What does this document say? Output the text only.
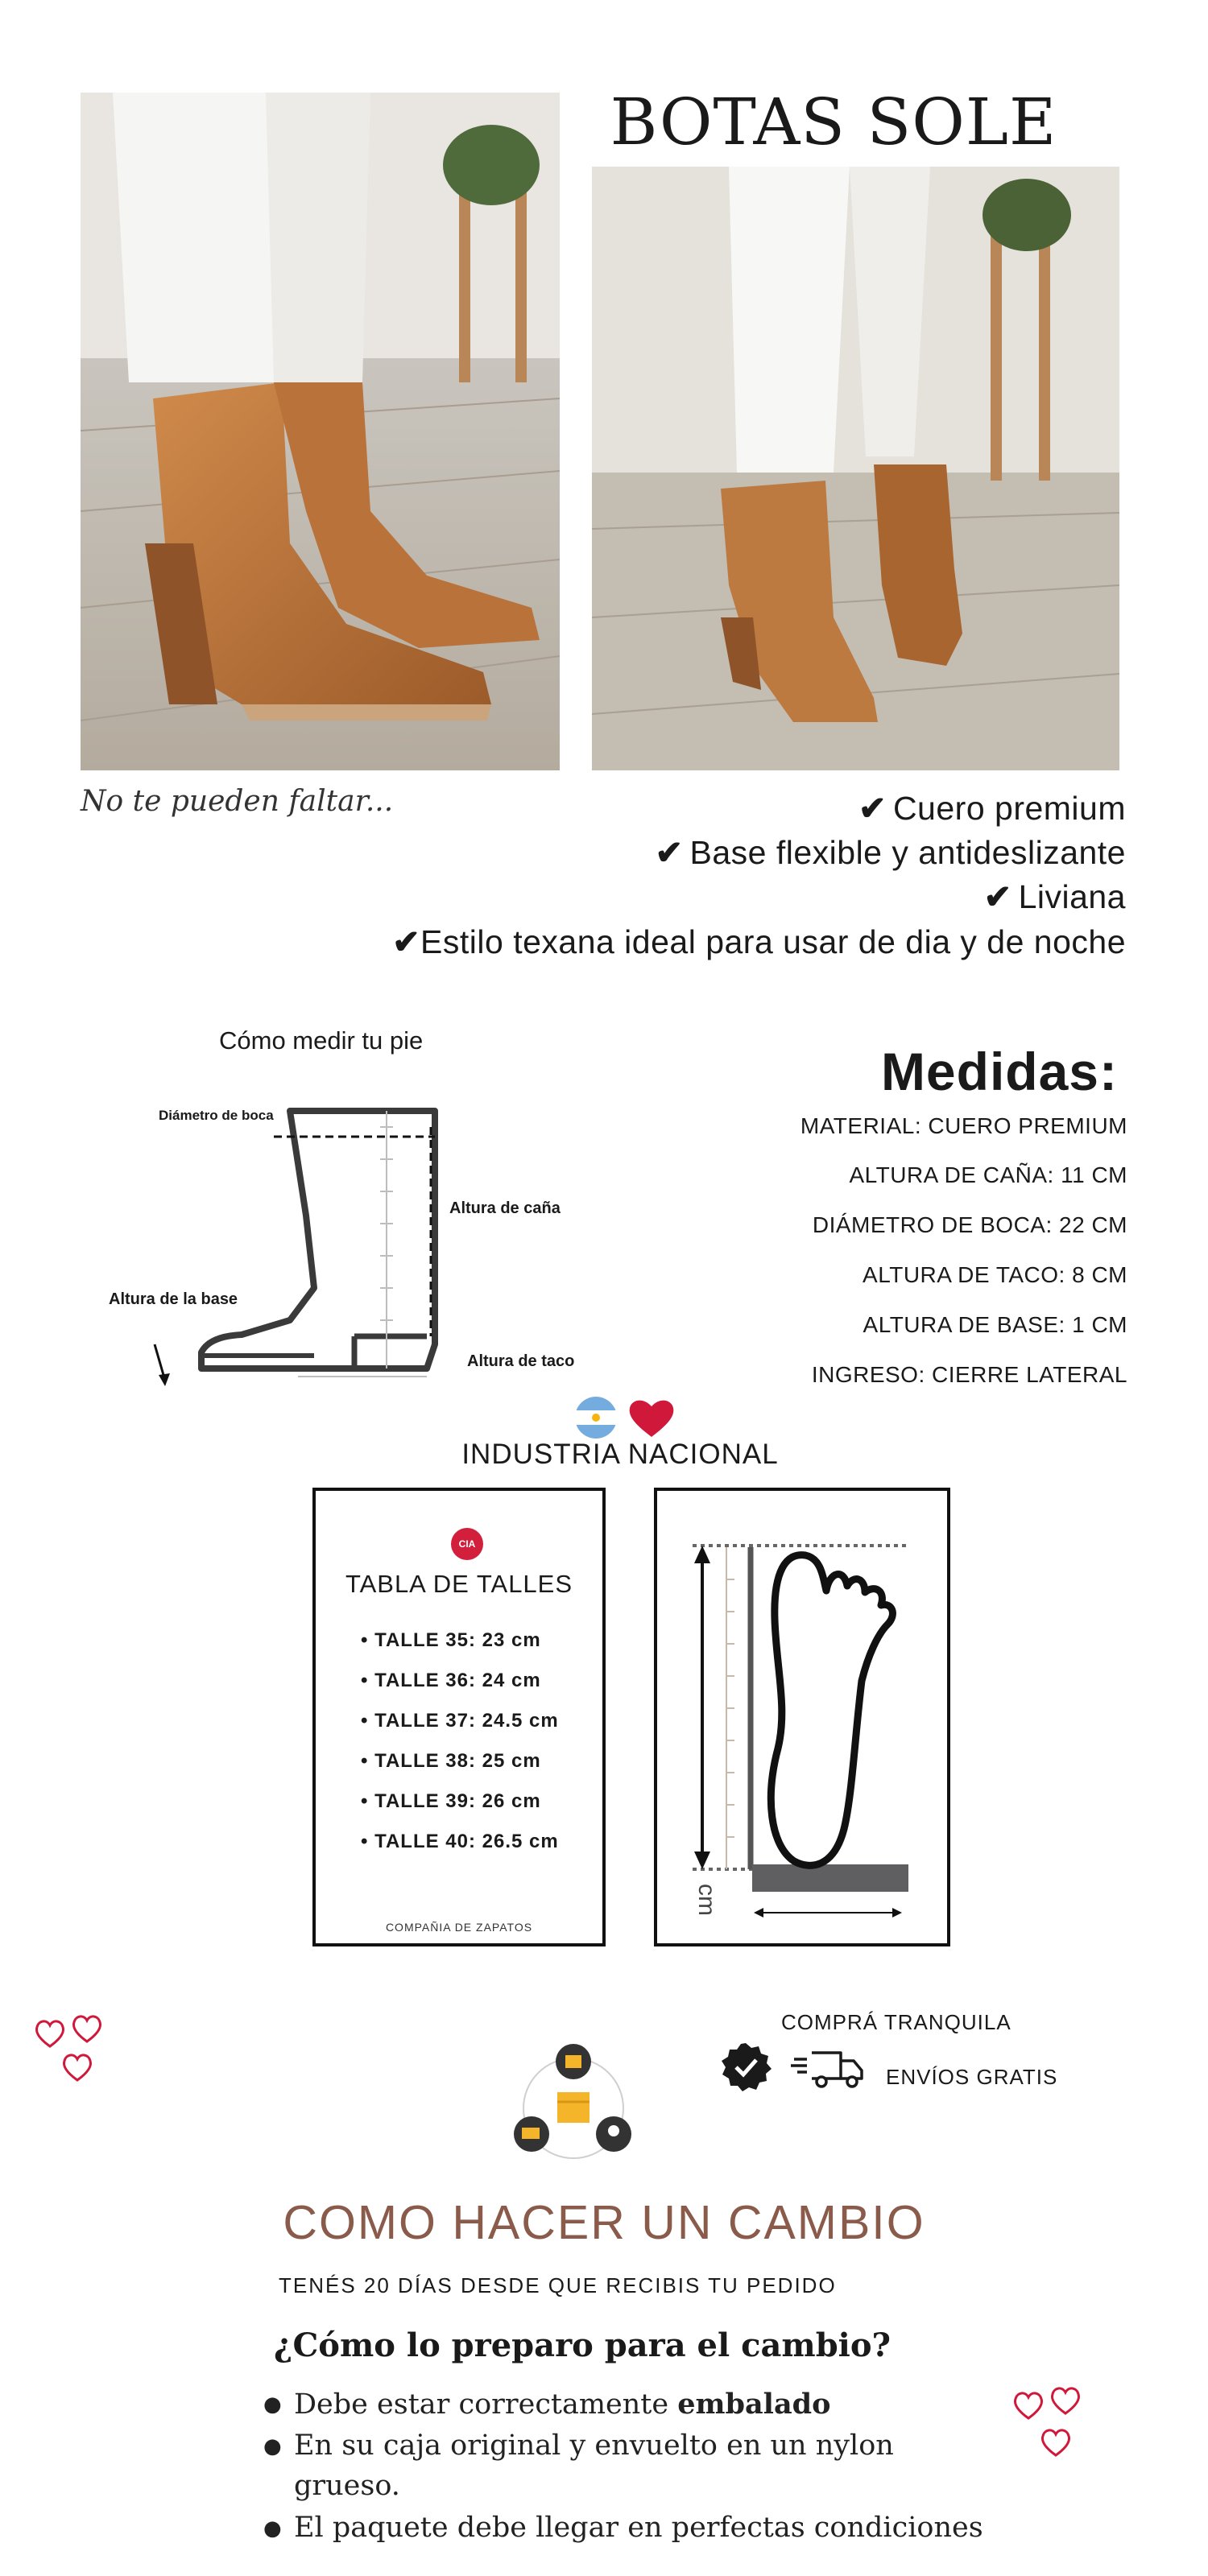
BOTAS SOLE
No te pueden faltar...	✔ Cuero premium
✔ Base flexible y antideslizante
✔ Liviana
✔Estilo texana ideal para usar de dia y de noche
Cómo medir tu pie
Diámetro de boca
Altura de caña
Altura de la base
Altura de taco
Medidas:
MATERIAL: CUERO PREMIUM
ALTURA DE CAÑA: 11 CM
DIÁMETRO DE BOCA: 22 CM
ALTURA DE TACO: 8 CM
ALTURA DE BASE: 1 CM
INGRESO: CIERRE LATERAL
INDUSTRIA NACIONAL
CIA
TABLA DE TALLES
• TALLE 35: 23 cm
• TALLE 36: 24 cm
• TALLE 37: 24.5 cm
• TALLE 38: 25 cm
• TALLE 39: 26 cm
• TALLE 40: 26.5 cm
COMPAÑIA DE ZAPATOS
cm
COMPRÁ TRANQUILA
ENVÍOS GRATIS
COMO HACER UN CAMBIO
TENÉS 20 DÍAS DESDE QUE RECIBIS TU PEDIDO
¿Cómo lo preparo para el cambio?
● Debe estar correctamente embalado
● En su caja original y envuelto en un nylon
grueso.
● El paquete debe llegar en perfectas condiciones
